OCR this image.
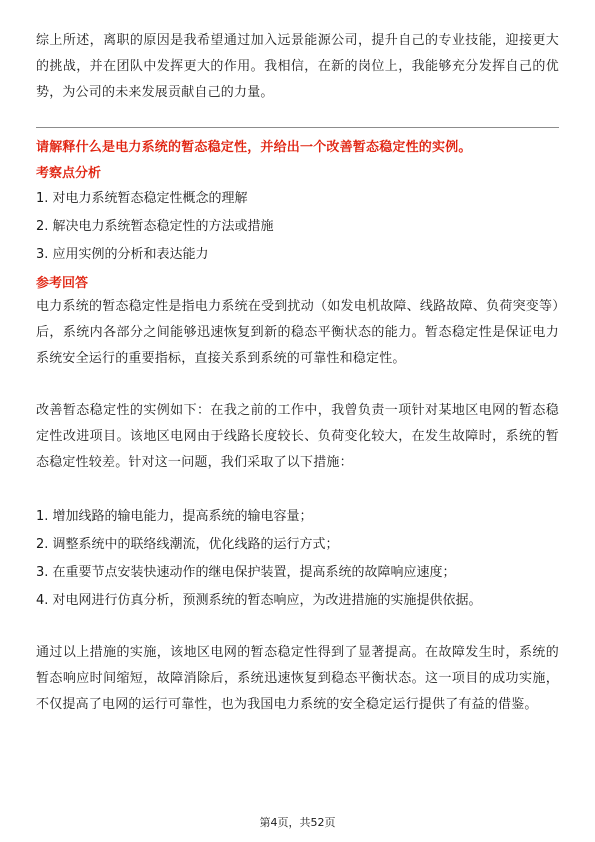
综上所述，离职的原因是我希望通过加入远景能源公司，提升自己的专业技能，迎接更大的挑战，并在团队中发挥更大的作用。我相信，在新的岗位上，我能够充分发挥自己的优势，为公司的未来发展贡献自己的力量。

请解释什么是电力系统的暂态稳定性，并给出一个改善暂态稳定性的实例。
考察点分析
1. 对电力系统暂态稳定性概念的理解
2. 解决电力系统暂态稳定性的方法或措施
3. 应用实例的分析和表达能力
参考回答

电力系统的暂态稳定性是指电力系统在受到扰动（如发电机故障、线路故障、负荷突变等）后，系统内各部分之间能够迅速恢复到新的稳态平衡状态的能力。暂态稳定性是保证电力系统安全运行的重要指标，直接关系到系统的可靠性和稳定性。

改善暂态稳定性的实例如下：在我之前的工作中，我曾负责一项针对某地区电网的暂态稳定性改进项目。该地区电网由于线路长度较长、负荷变化较大，在发生故障时，系统的暂态稳定性较差。针对这一问题，我们采取了以下措施：

1. 增加线路的输电能力，提高系统的输电容量；
2. 调整系统中的联络线潮流，优化线路的运行方式；
3. 在重要节点安装快速动作的继电保护装置，提高系统的故障响应速度；
4. 对电网进行仿真分析，预测系统的暂态响应，为改进措施的实施提供依据。

通过以上措施的实施，该地区电网的暂态稳定性得到了显著提高。在故障发生时，系统的暂态响应时间缩短，故障消除后，系统迅速恢复到稳态平衡状态。这一项目的成功实施，不仅提高了电网的运行可靠性，也为我国电力系统的安全稳定运行提供了有益的借鉴。

第4页，共52页
